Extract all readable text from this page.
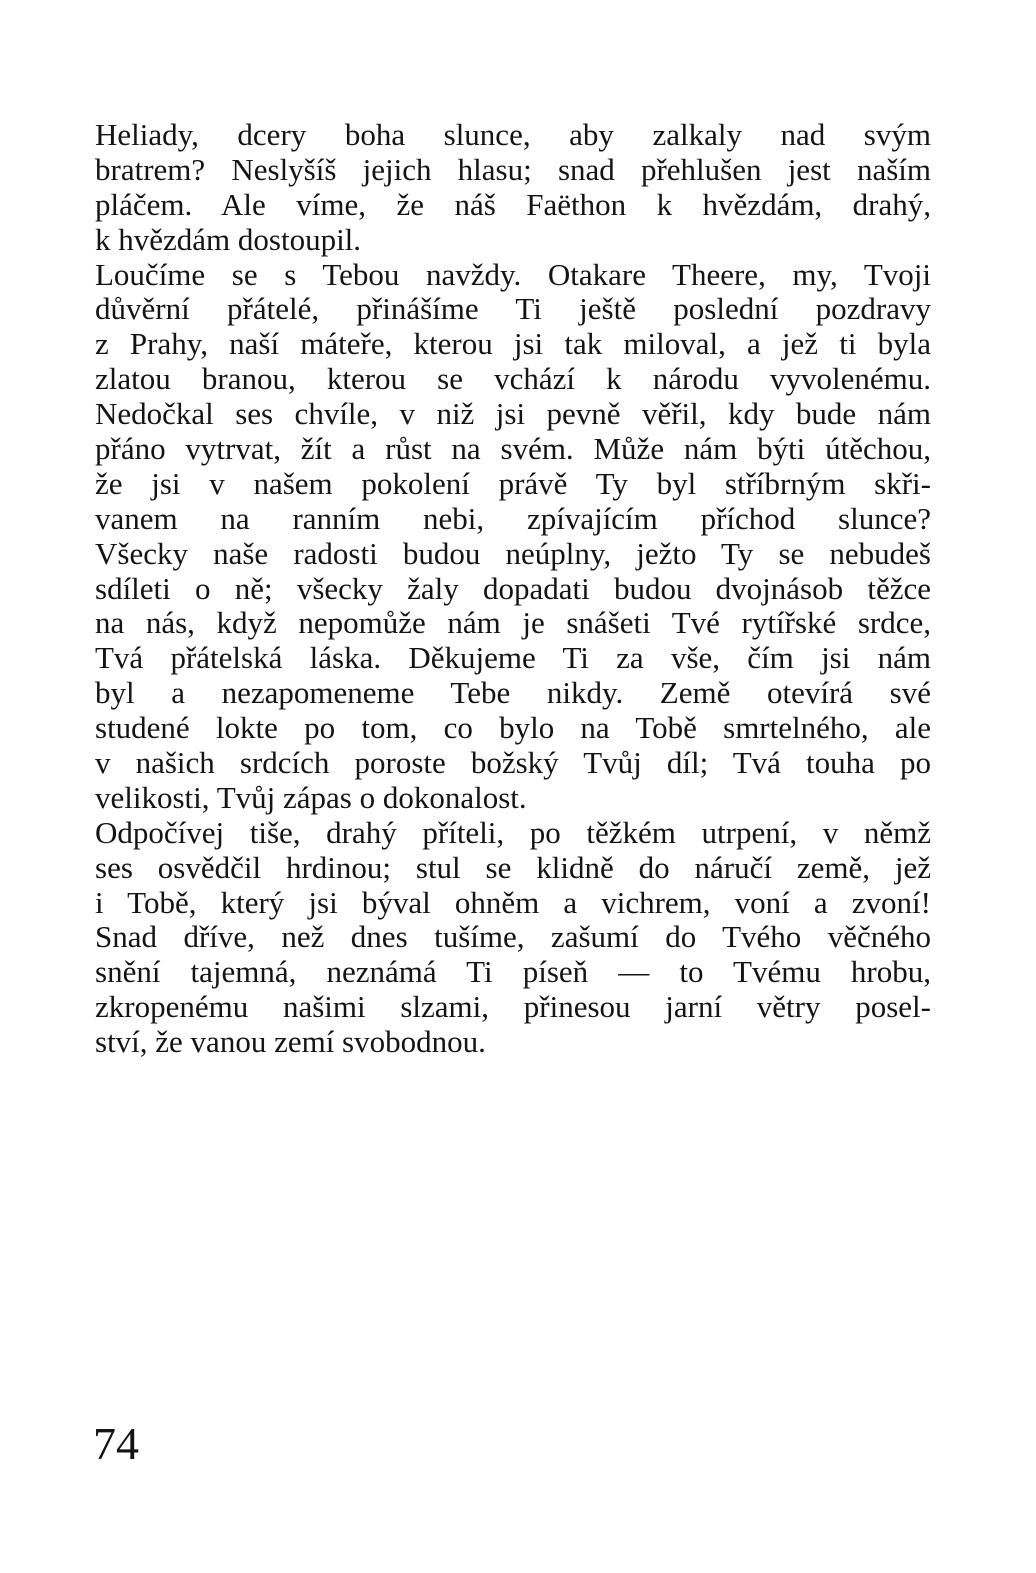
Heliady, dcery boha slunce, aby zalkaly nad svým
bratrem? Neslyšíš jejich hlasu; snad přehlušen jest naším
pláčem. Ale víme, že náš Faëthon k hvězdám, drahý,
k hvězdám dostoupil.
Loučíme se s Tebou navždy. Otakare Theere, my, Tvoji
důvěrní přátelé, přinášíme Ti ještě poslední pozdravy
z Prahy, naší máteře, kterou jsi tak miloval, a jež ti byla
zlatou branou, kterou se vchází k národu vyvolenému.
Nedočkal ses chvíle, v niž jsi pevně věřil, kdy bude nám
přáno vytrvat, žít a růst na svém. Může nám býti útěchou,
že jsi v našem pokolení právě Ty byl stříbrným skři-
vanem na ranním nebi, zpívajícím příchod slunce?
Všecky naše radosti budou neúplny, ježto Ty se nebudeš
sdíleti o ně; všecky žaly dopadati budou dvojnásob těžce
na nás, když nepomůže nám je snášeti Tvé rytířské srdce,
Tvá přátelská láska. Děkujeme Ti za vše, čím jsi nám
byl a nezapomeneme Tebe nikdy. Země otevírá své
studené lokte po tom, co bylo na Tobě smrtelného, ale
v našich srdcích poroste božský Tvůj díl; Tvá touha po
velikosti, Tvůj zápas o dokonalost.
Odpočívej tiše, drahý příteli, po těžkém utrpení, v němž
ses osvědčil hrdinou; stul se klidně do náručí země, jež
i Tobě, který jsi býval ohněm a vichrem, voní a zvoní!
Snad dříve, než dnes tušíme, zašumí do Tvého věčného
snění tajemná, neznámá Ti píseň — to Tvému hrobu,
zkropenému našimi slzami, přinesou jarní větry posel-
ství, že vanou zemí svobodnou.
74
